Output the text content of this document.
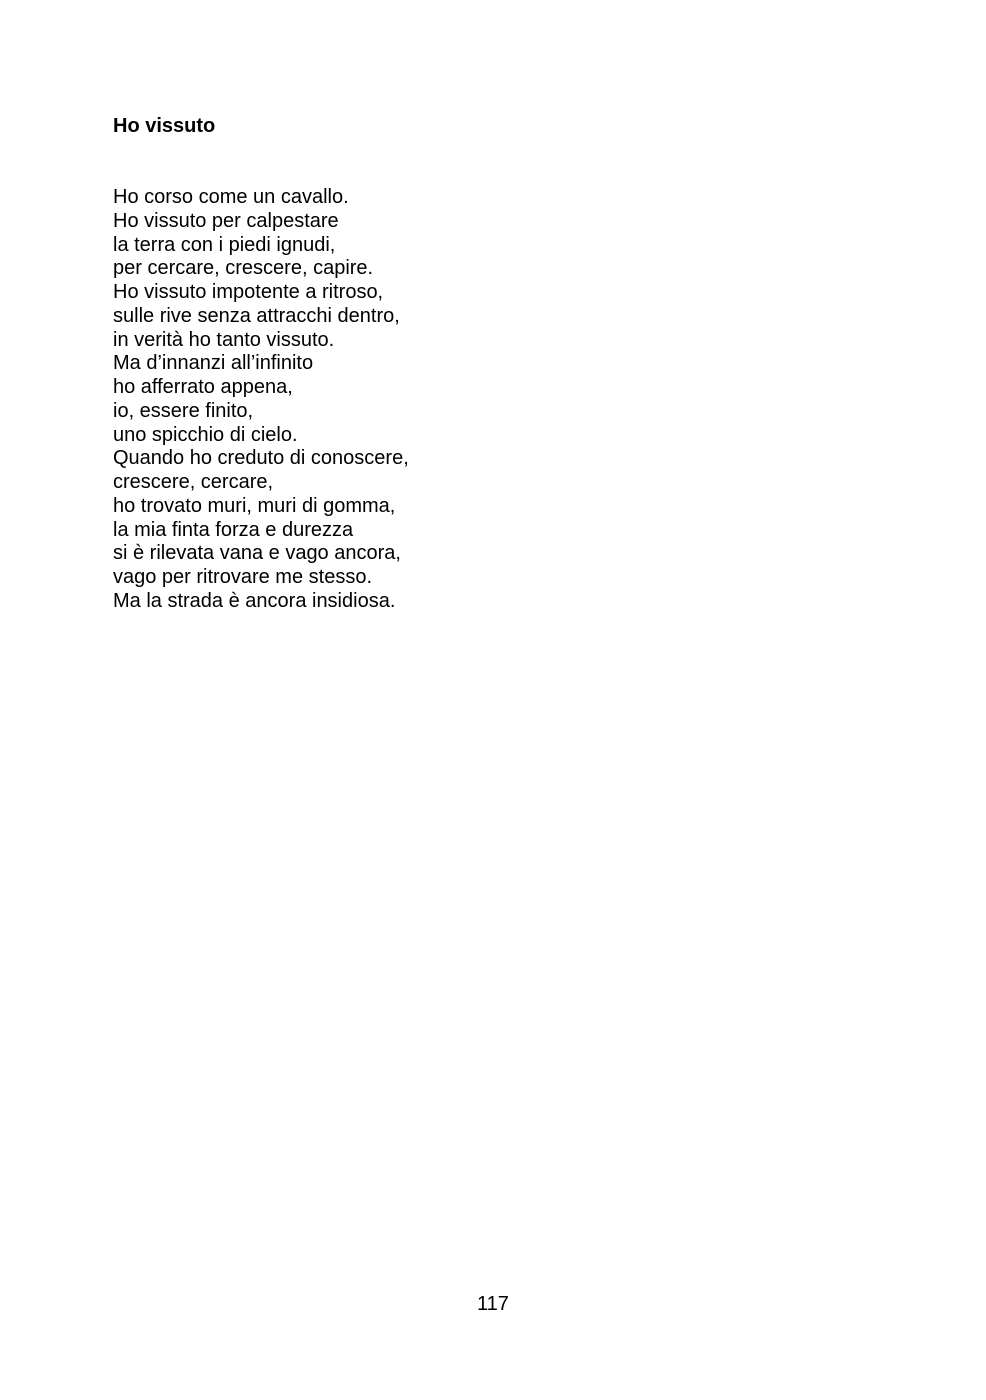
Ho vissuto
Ho corso come un cavallo.
Ho vissuto per calpestare
la terra con i piedi ignudi,
per cercare, crescere, capire.
Ho vissuto impotente a ritroso,
sulle rive senza attracchi dentro,
in verità ho tanto vissuto.
Ma d’innanzi all’infinito
ho afferrato appena,
io, essere finito,
uno spicchio di cielo.
Quando ho creduto di conoscere,
crescere, cercare,
ho trovato muri, muri di gomma,
la mia finta forza e durezza
si è rilevata vana e vago ancora,
vago per ritrovare me stesso.
Ma la strada è ancora insidiosa.
117
